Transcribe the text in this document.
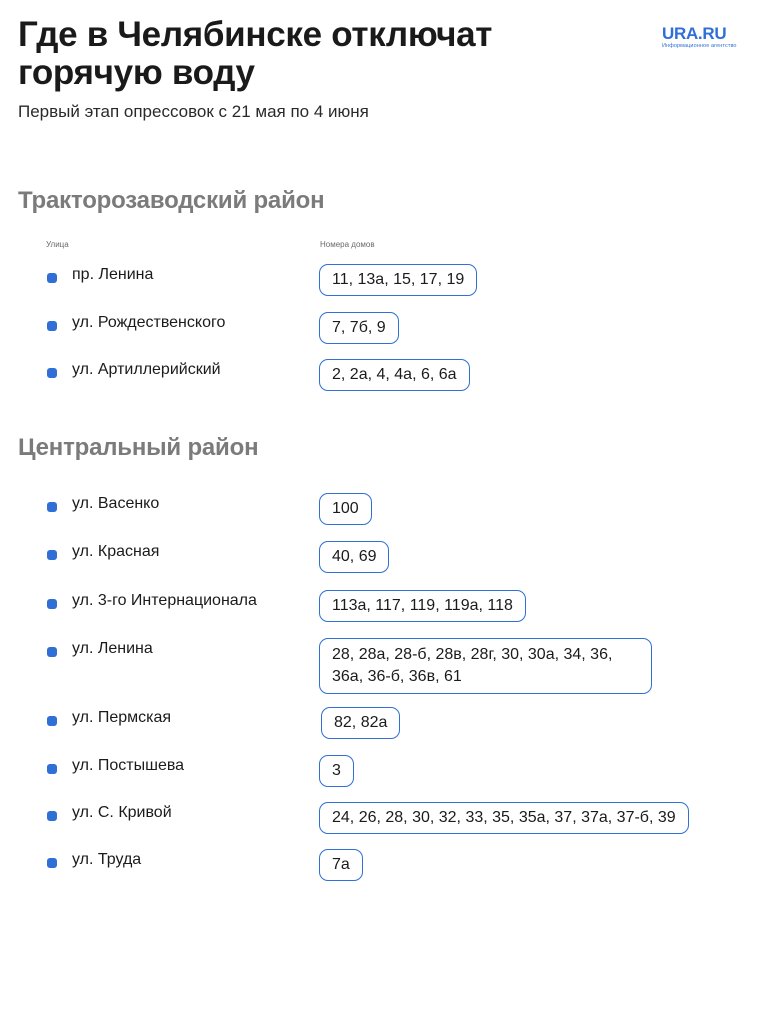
Где в Челябинске отключат горячую воду
Первый этап опрессовок с 21 мая по 4 июня
URA.RU
Информационное агентство
Тракторозаводский район
Улица	Номера домов
пр. Ленина	11, 13а, 15, 17, 19
ул. Рождественского	7, 7б, 9
ул. Артиллерийский	2, 2а, 4, 4а, 6, 6а
Центральный район
ул. Васенко	100
ул. Красная	40, 69
ул. 3-го Интернационала	113а, 117, 119, 119а, 118
ул. Ленина	28, 28а, 28-б, 28в, 28г, 30, 30а, 34, 36, 36а, 36-б, 36в, 61
ул. Пермская	82, 82а
ул. Постышева	3
ул. С. Кривой	24, 26, 28, 30, 32, 33, 35, 35а, 37, 37а, 37-б, 39
ул. Труда	7а
